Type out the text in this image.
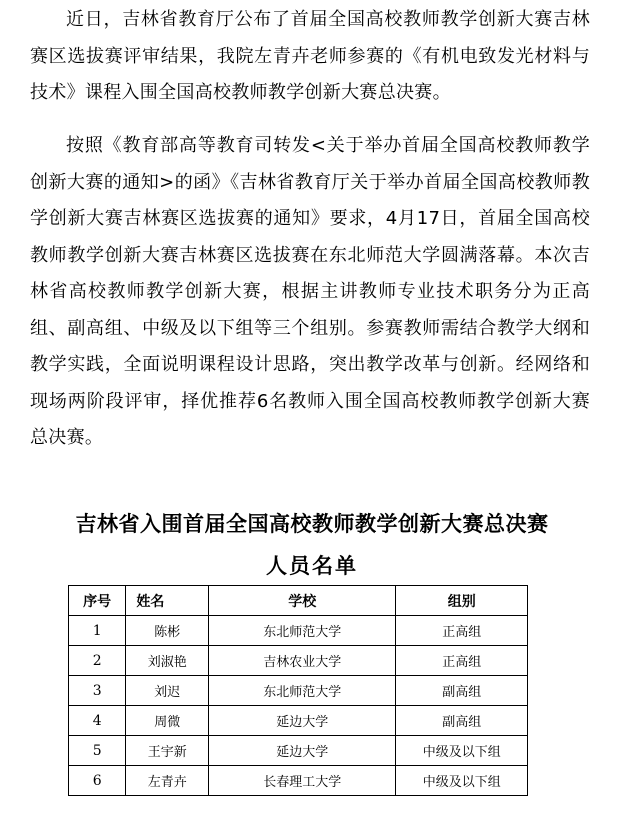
近日，吉林省教育厅公布了首届全国高校教师教学创新大赛吉林赛区选拔赛评审结果，我院左青卉老师参赛的《有机电致发光材料与技术》课程入围全国高校教师教学创新大赛总决赛。

按照《教育部高等教育司转发<关于举办首届全国高校教师教学创新大赛的通知>的函》《吉林省教育厅关于举办首届全国高校教师教学创新大赛吉林赛区选拔赛的通知》要求，4月17日，首届全国高校教师教学创新大赛吉林赛区选拔赛在东北师范大学圆满落幕。本次吉林省高校教师教学创新大赛，根据主讲教师专业技术职务分为正高组、副高组、中级及以下组等三个组别。参赛教师需结合教学大纲和教学实践，全面说明课程设计思路，突出教学改革与创新。经网络和现场两阶段评审，择优推荐6名教师入围全国高校教师教学创新大赛总决赛。

吉林省入围首届全国高校教师教学创新大赛总决赛
人员名单
序号	姓名	学校	组别
1	陈彬	东北师范大学	正高组
2	刘淑艳	吉林农业大学	正高组
3	刘迟	东北师范大学	副高组
4	周微	延边大学	副高组
5	王宇新	延边大学	中级及以下组
6	左青卉	长春理工大学	中级及以下组
